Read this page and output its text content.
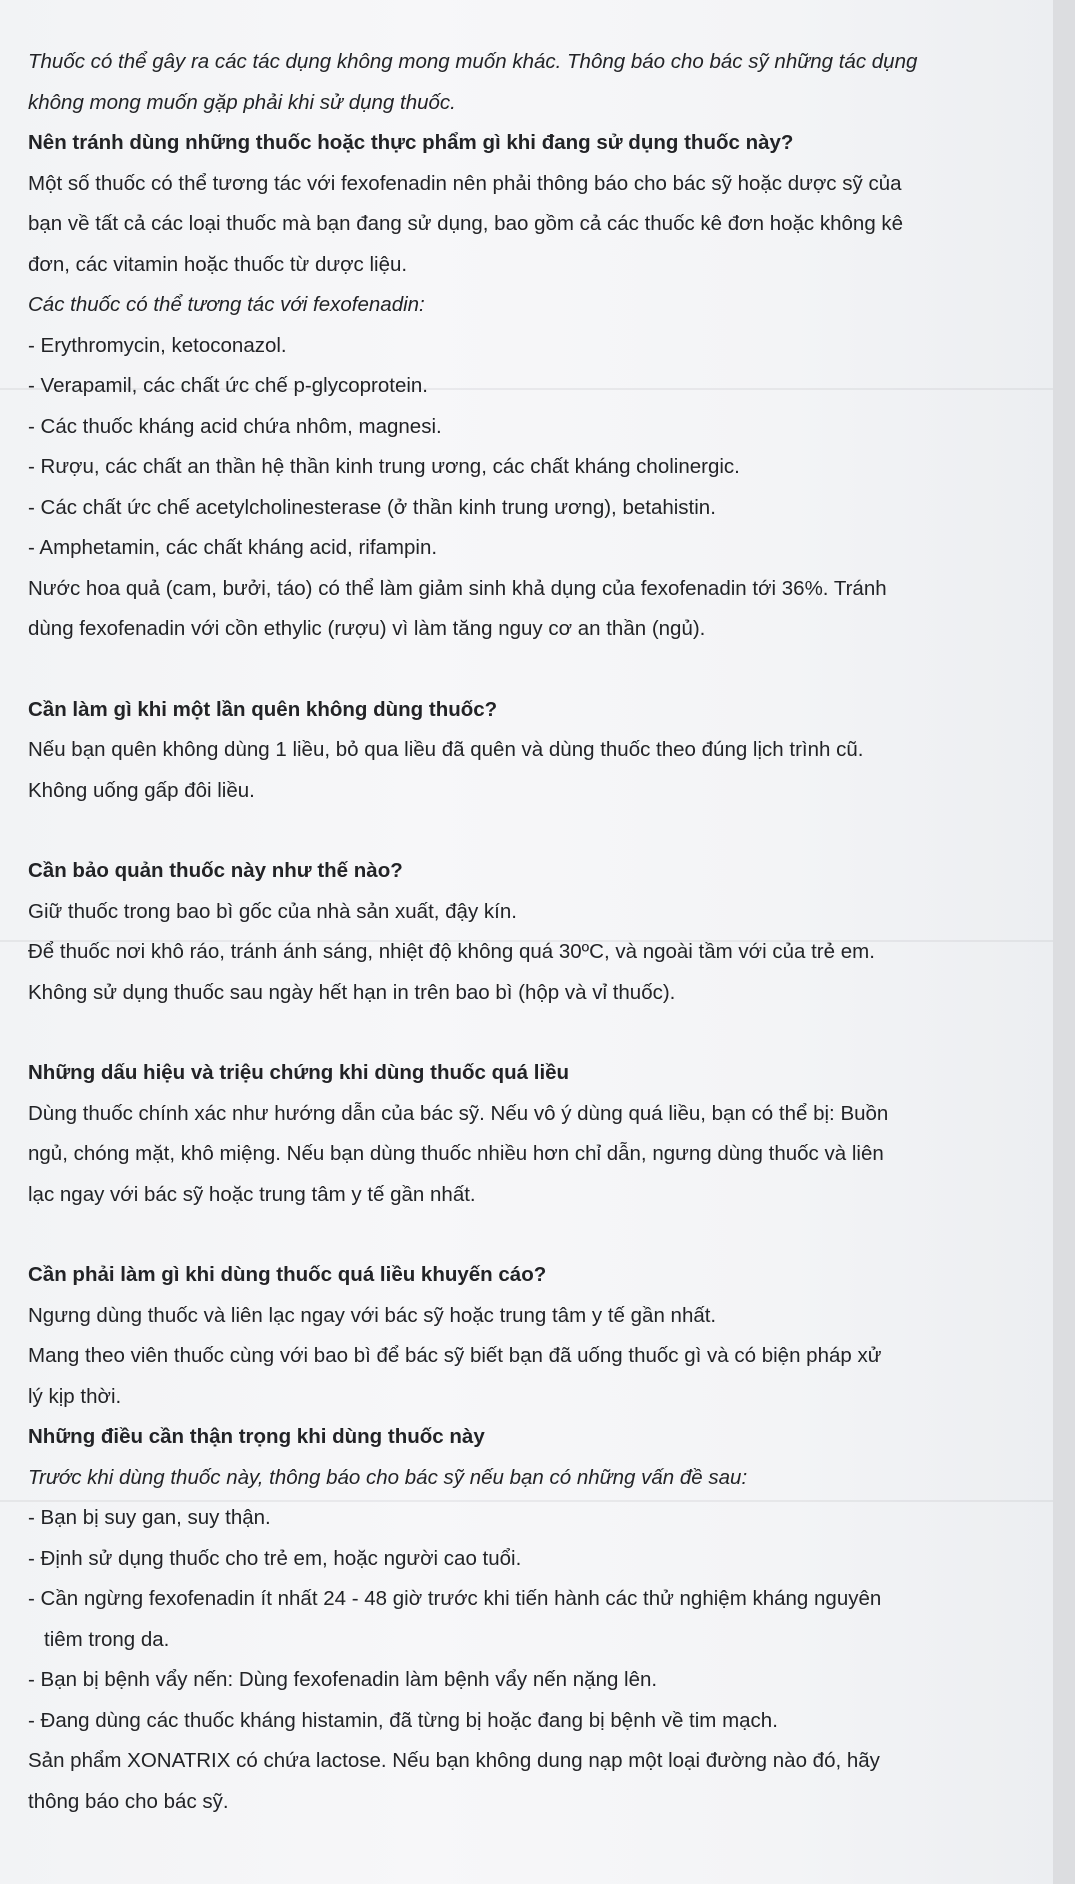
Thuốc có thể gây ra các tác dụng không mong muốn khác. Thông báo cho bác sỹ những tác dụng

không mong muốn gặp phải khi sử dụng thuốc.

Nên tránh dùng những thuốc hoặc thực phẩm gì khi đang sử dụng thuốc này?

Một số thuốc có thể tương tác với fexofenadin nên phải thông báo cho bác sỹ hoặc dược sỹ của

bạn về tất cả các loại thuốc mà bạn đang sử dụng, bao gồm cả các thuốc kê đơn hoặc không kê

đơn, các vitamin hoặc thuốc từ dược liệu.

Các thuốc có thể tương tác với fexofenadin:

- Erythromycin, ketoconazol.

- Verapamil, các chất ức chế p-glycoprotein.

- Các thuốc kháng acid chứa nhôm, magnesi.

- Rượu, các chất an thần hệ thần kinh trung ương, các chất kháng cholinergic.

- Các chất ức chế acetylcholinesterase (ở thần kinh trung ương), betahistin.

- Amphetamin, các chất kháng acid, rifampin.

Nước hoa quả (cam, bưởi, táo) có thể làm giảm sinh khả dụng của fexofenadin tới 36%. Tránh

dùng fexofenadin với cồn ethylic (rượu) vì làm tăng nguy cơ an thần (ngủ).

Cần làm gì khi một lần quên không dùng thuốc?

Nếu bạn quên không dùng 1 liều, bỏ qua liều đã quên và dùng thuốc theo đúng lịch trình cũ.

Không uống gấp đôi liều.

Cần bảo quản thuốc này như thế nào?

Giữ thuốc trong bao bì gốc của nhà sản xuất, đậy kín.

Để thuốc nơi khô ráo, tránh ánh sáng, nhiệt độ không quá 30ºC, và ngoài tầm với của trẻ em.

Không sử dụng thuốc sau ngày hết hạn in trên bao bì (hộp và vỉ thuốc).

Những dấu hiệu và triệu chứng khi dùng thuốc quá liều

Dùng thuốc chính xác như hướng dẫn của bác sỹ. Nếu vô ý dùng quá liều, bạn có thể bị: Buồn

ngủ, chóng mặt, khô miệng. Nếu bạn dùng thuốc nhiều hơn chỉ dẫn, ngưng dùng thuốc và liên

lạc ngay với bác sỹ hoặc trung tâm y tế gần nhất.

Cần phải làm gì khi dùng thuốc quá liều khuyến cáo?

Ngưng dùng thuốc và liên lạc ngay với bác sỹ hoặc trung tâm y tế gần nhất.

Mang theo viên thuốc cùng với bao bì để bác sỹ biết bạn đã uống thuốc gì và có biện pháp xử

lý kịp thời.

Những điều cần thận trọng khi dùng thuốc này

Trước khi dùng thuốc này, thông báo cho bác sỹ nếu bạn có những vấn đề sau:

- Bạn bị suy gan, suy thận.

- Định sử dụng thuốc cho trẻ em, hoặc người cao tuổi.

- Cần ngừng fexofenadin ít nhất 24 - 48 giờ trước khi tiến hành các thử nghiệm kháng nguyên

tiêm trong da.

- Bạn bị bệnh vẩy nến: Dùng fexofenadin làm bệnh vẩy nến nặng lên.

- Đang dùng các thuốc kháng histamin, đã từng bị hoặc đang bị bệnh về tim mạch.

Sản phẩm XONATRIX có chứa lactose. Nếu bạn không dung nạp một loại đường nào đó, hãy

thông báo cho bác sỹ.
